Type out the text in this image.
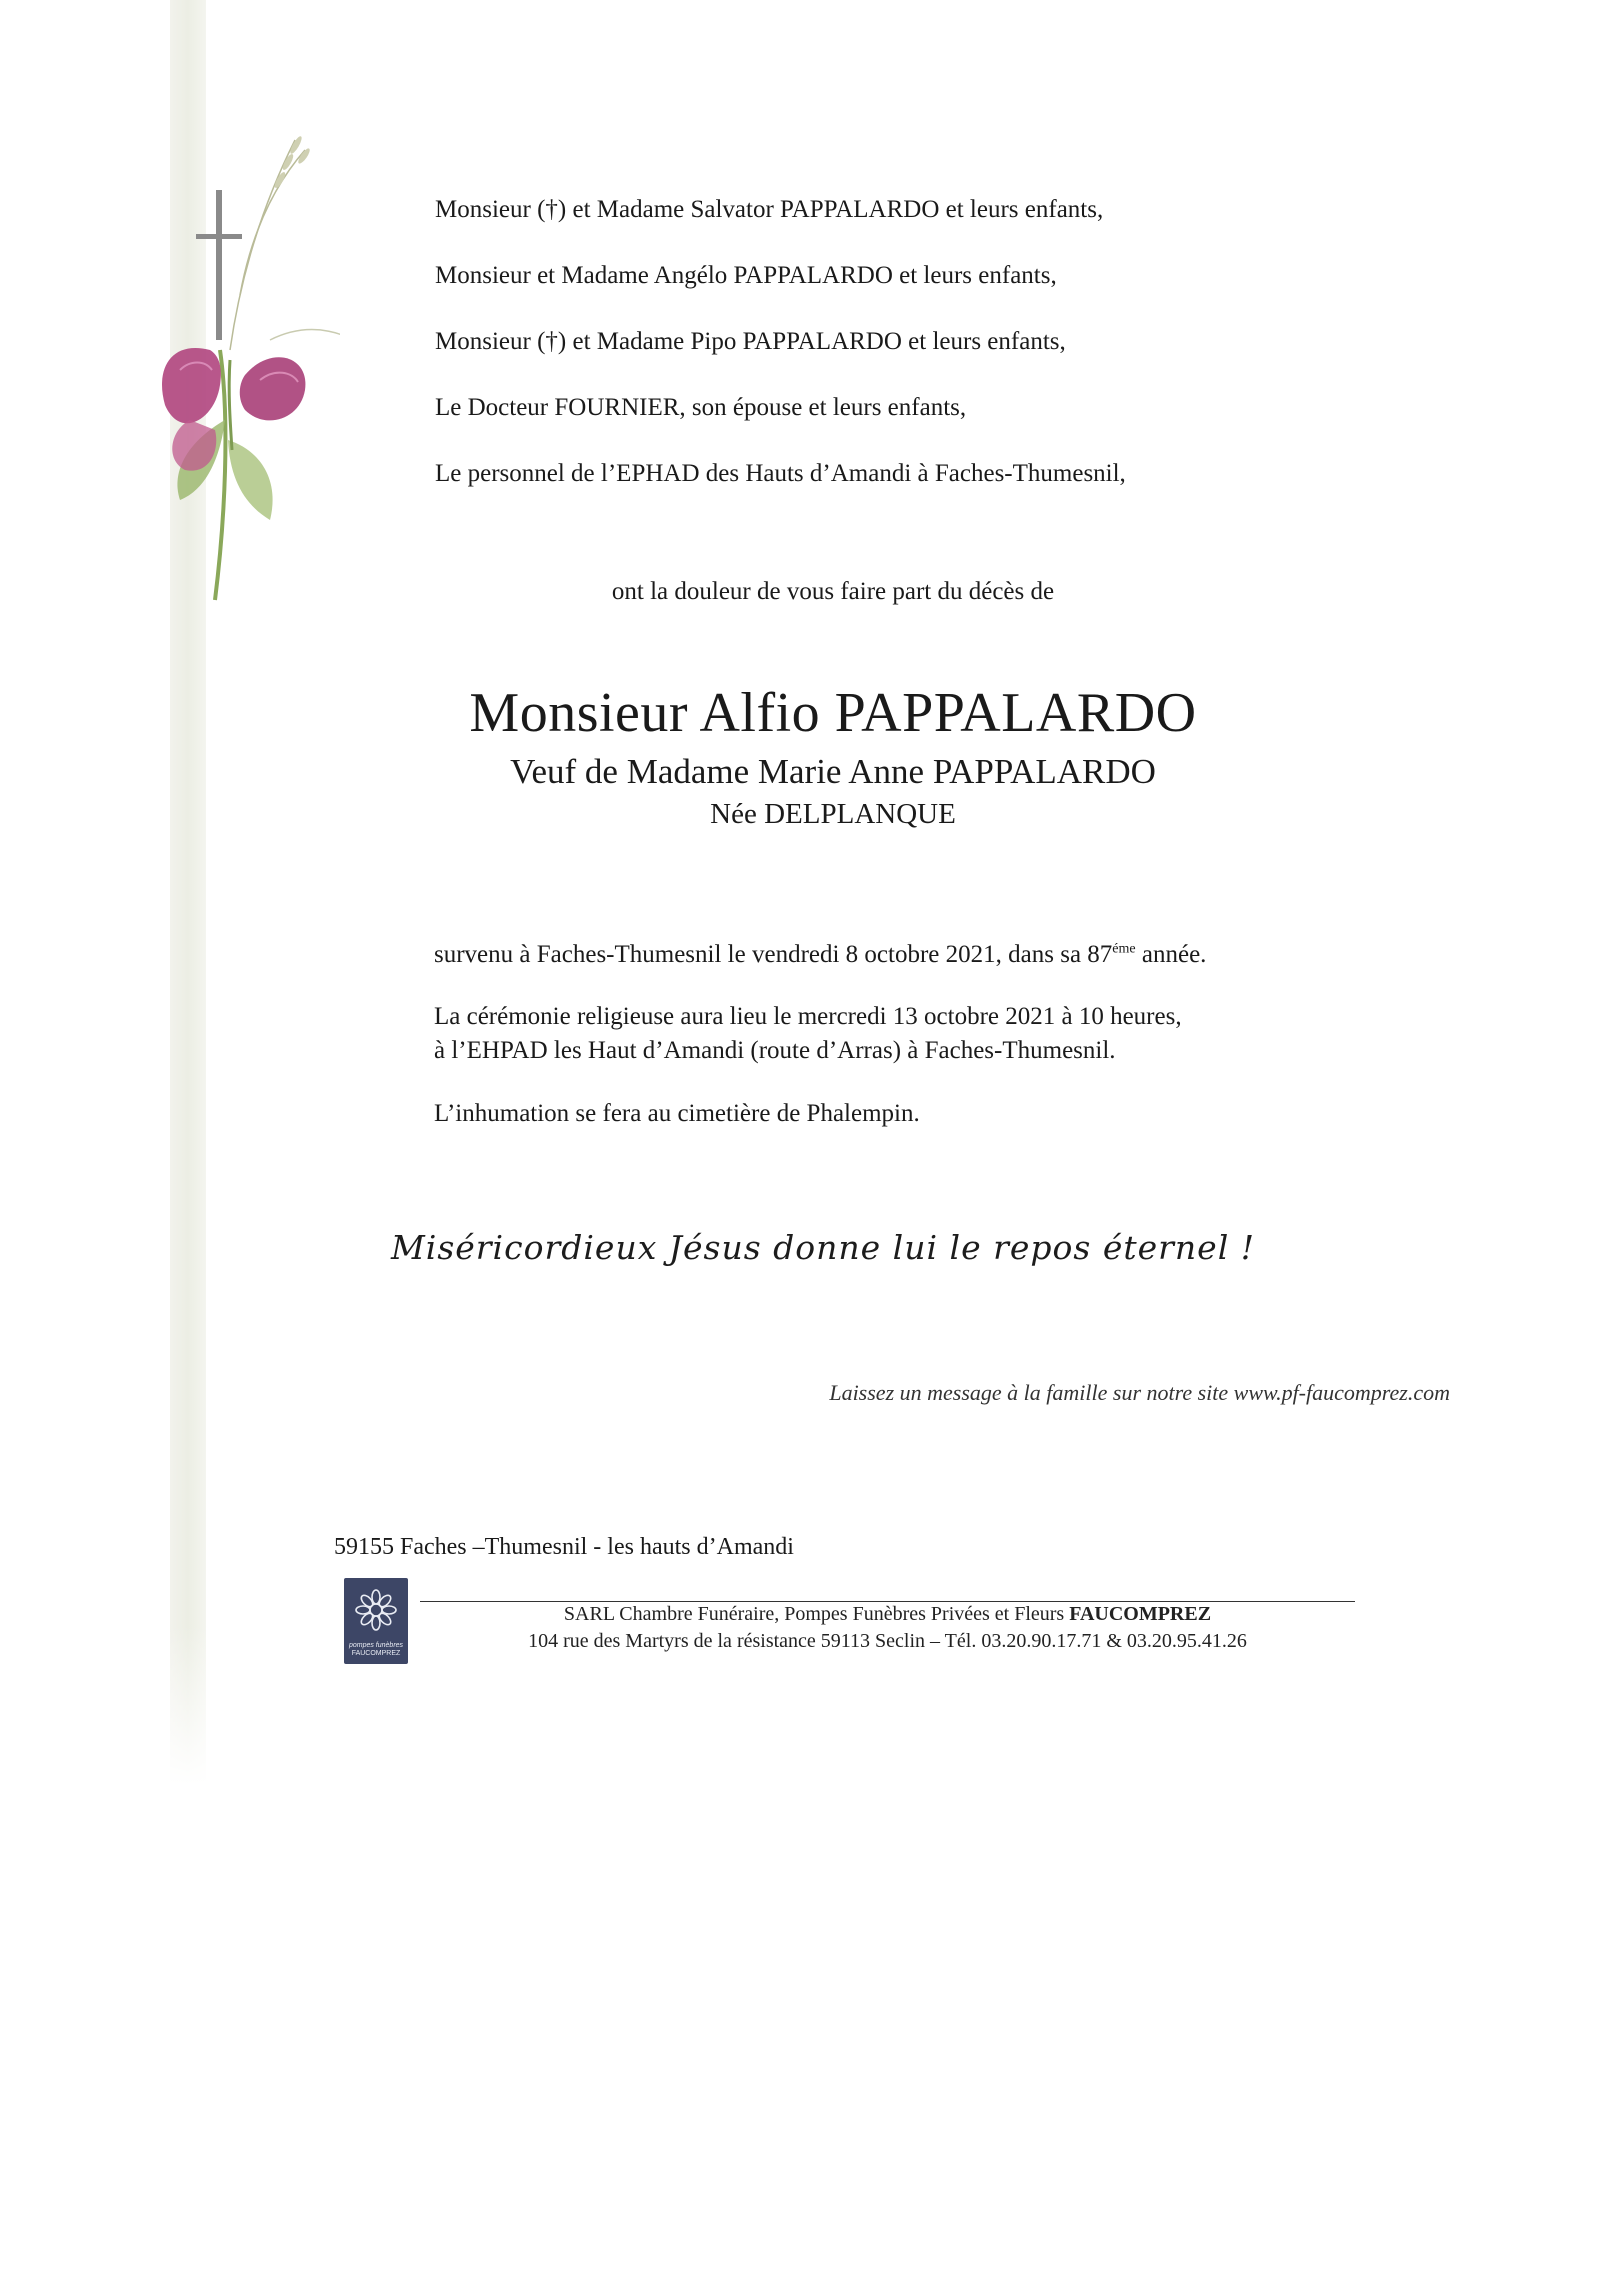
Monsieur (†) et Madame Salvator PAPPALARDO et leurs enfants,
Monsieur et Madame Angélo PAPPALARDO et leurs enfants,
Monsieur (†) et Madame Pipo PAPPALARDO et leurs enfants,
Le Docteur FOURNIER, son épouse et leurs enfants,
Le personnel de l’EPHAD des Hauts d’Amandi à Faches-Thumesnil,
ont la douleur de vous faire part du décès de
Monsieur Alfio PAPPALARDO
Veuf de Madame Marie Anne PAPPALARDO
Née DELPLANQUE
survenu à Faches-Thumesnil le vendredi 8 octobre 2021, dans sa $87^{éme}$ année.
La cérémonie religieuse aura lieu le mercredi 13 octobre 2021 à 10 heures,
à l’EHPAD les Haut d’Amandi (route d’Arras) à Faches-Thumesnil.
L’inhumation se fera au cimetière de Phalempin.
Miséricordieux Jésus donne lui le repos éternel !
Laissez un message à la famille sur notre site www.pf-faucomprez.com
59155 Faches –Thumesnil - les hauts d’Amandi
pompes funèbres
FAUCOMPREZ
SARL Chambre Funéraire, Pompes Funèbres Privées et Fleurs FAUCOMPREZ
104 rue des Martyrs de la résistance 59113 Seclin – Tél. 03.20.90.17.71 & 03.20.95.41.26
